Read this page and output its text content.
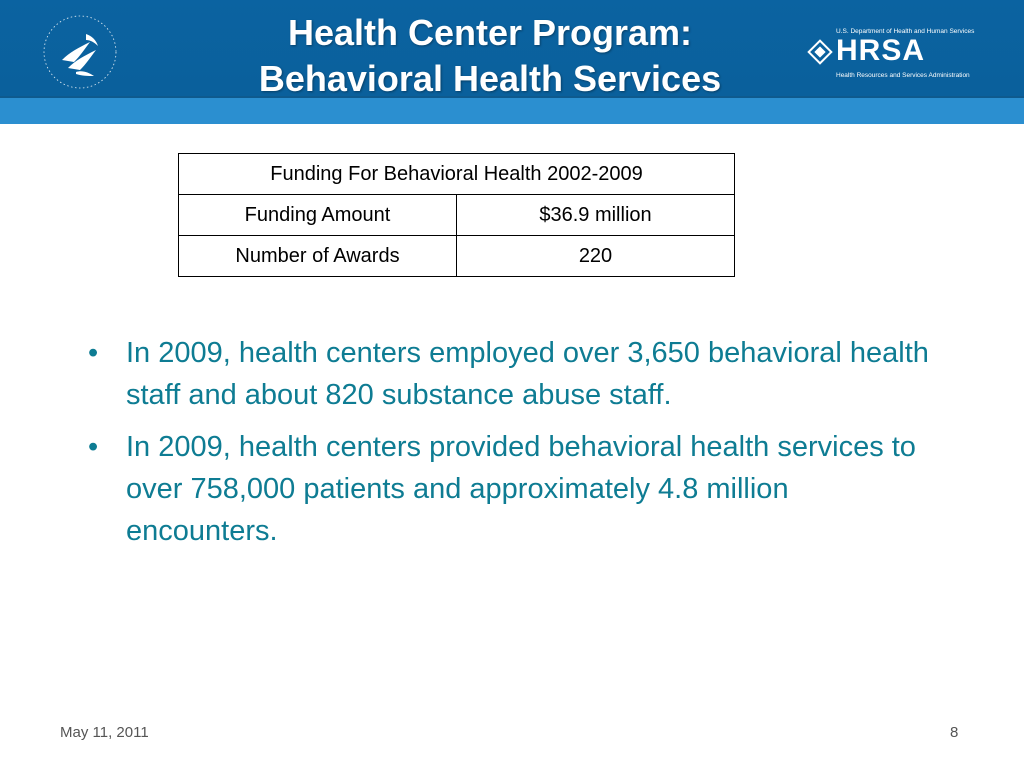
Health Center Program:
Behavioral Health Services
U.S. Department of Health and Human Services
HRSA
Health Resources and Services Administration
Funding For Behavioral Health 2002-2009	
Funding Amount	$36.9 million
Number of Awards	220
• In 2009, health centers employed over 3,650 behavioral health staff and about 820 substance abuse staff.
• In 2009, health centers provided behavioral health services to over 758,000 patients and approximately 4.8 million encounters.
May 11, 2011	8
